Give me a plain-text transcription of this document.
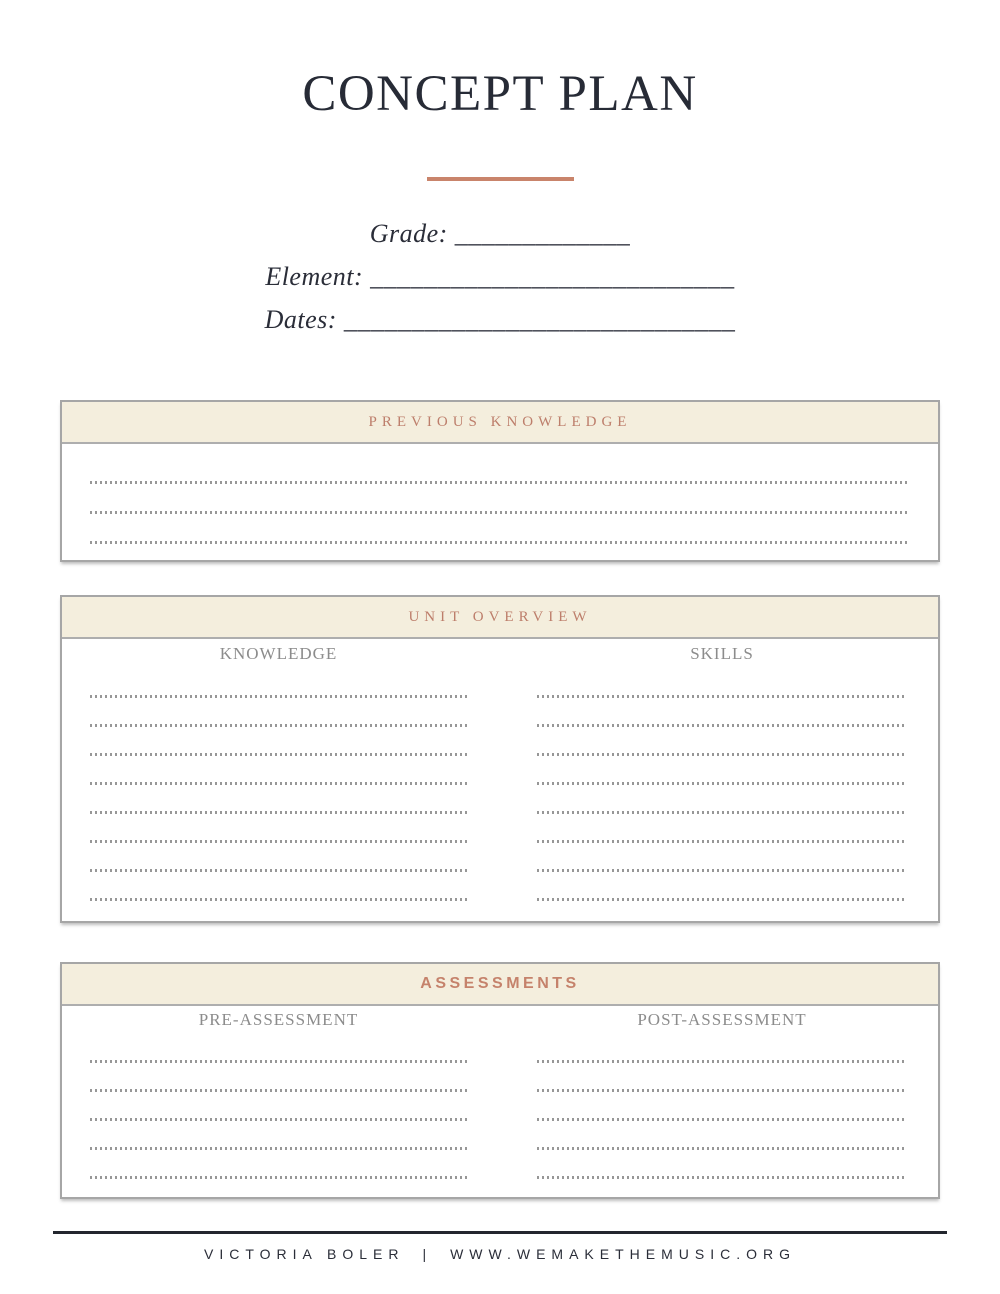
CONCEPT PLAN
Grade: _____________
Element: ___________________________
Dates: _____________________________
PREVIOUS KNOWLEDGE
UNIT OVERVIEW
KNOWLEDGE	SKILLS
ASSESSMENTS
PRE-ASSESSMENT	POST-ASSESSMENT
VICTORIA BOLER | WWW.WEMAKETHEMUSIC.ORG
